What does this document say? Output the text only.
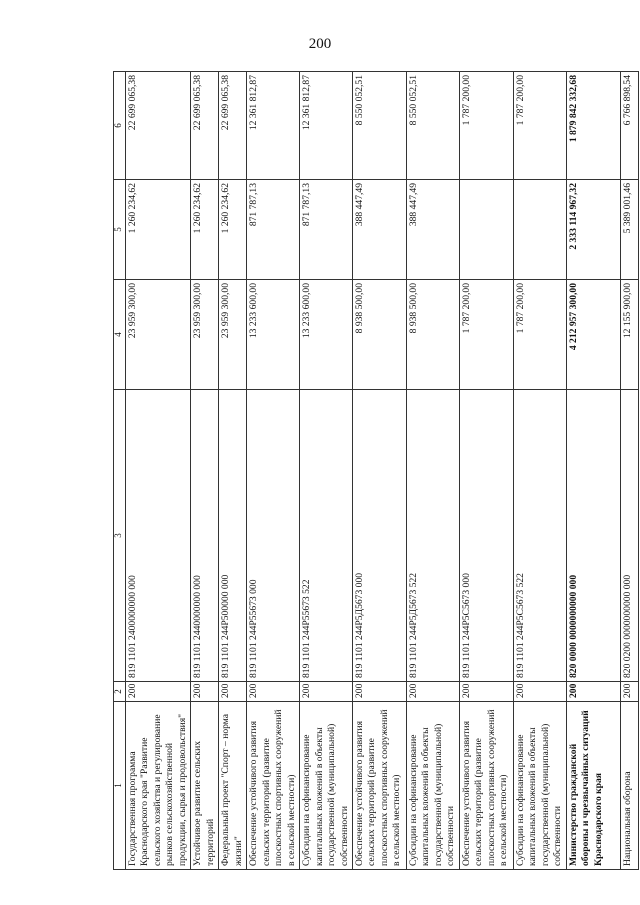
200
1	2	3	4	5	6
Государственная программа Краснодарского края "Развитие сельского хозяйства и регулирование рынков сельскохозяйственной продукции, сырья и продовольствия"	200	819 1101 2400000000 000	23 959 300,00	1 260 234,62	22 699 065,38
Устойчивое развитие сельских территорий	200	819 1101 2440000000 000	23 959 300,00	1 260 234,62	22 699 065,38
Федеральный проект "Спорт – норма жизни"	200	819 1101 244Р500000 000	23 959 300,00	1 260 234,62	22 699 065,38
Обеспечение устойчивого развития сельских территорий (развитие плоскостных спортивных сооружений в сельской местности)	200	819 1101 244Р55673 000	13 233 600,00	871 787,13	12 361 812,87
Субсидии на софинансирование капитальных вложений в объекты государственной (муниципальной) собственности	200	819 1101 244Р55673 522	13 233 600,00	871 787,13	12 361 812,87
Обеспечение устойчивого развития сельских территорий (развитие плоскостных спортивных сооружений в сельской местности)	200	819 1101 244Р5Д5673 000	8 938 500,00	388 447,49	8 550 052,51
Субсидии на софинансирование капитальных вложений в объекты государственной (муниципальной) собственности	200	819 1101 244Р5Д5673 522	8 938 500,00	388 447,49	8 550 052,51
Обеспечение устойчивого развития сельских территорий (развитие плоскостных спортивных сооружений в сельской местности)	200	819 1101 244Р5С5673 000	1 787 200,00		1 787 200,00
Субсидии на софинансирование капитальных вложений в объекты государственной (муниципальной) собственности	200	819 1101 244Р5С5673 522	1 787 200,00		1 787 200,00
Министерство гражданской обороны и чрезвычайных ситуаций Краснодарского края	200	820 0000 0000000000 000	4 212 957 300,00	2 333 114 967,32	1 879 842 332,68
Национальная оборона	200	820 0200 0000000000 000	12 155 900,00	5 389 001,46	6 766 898,54
